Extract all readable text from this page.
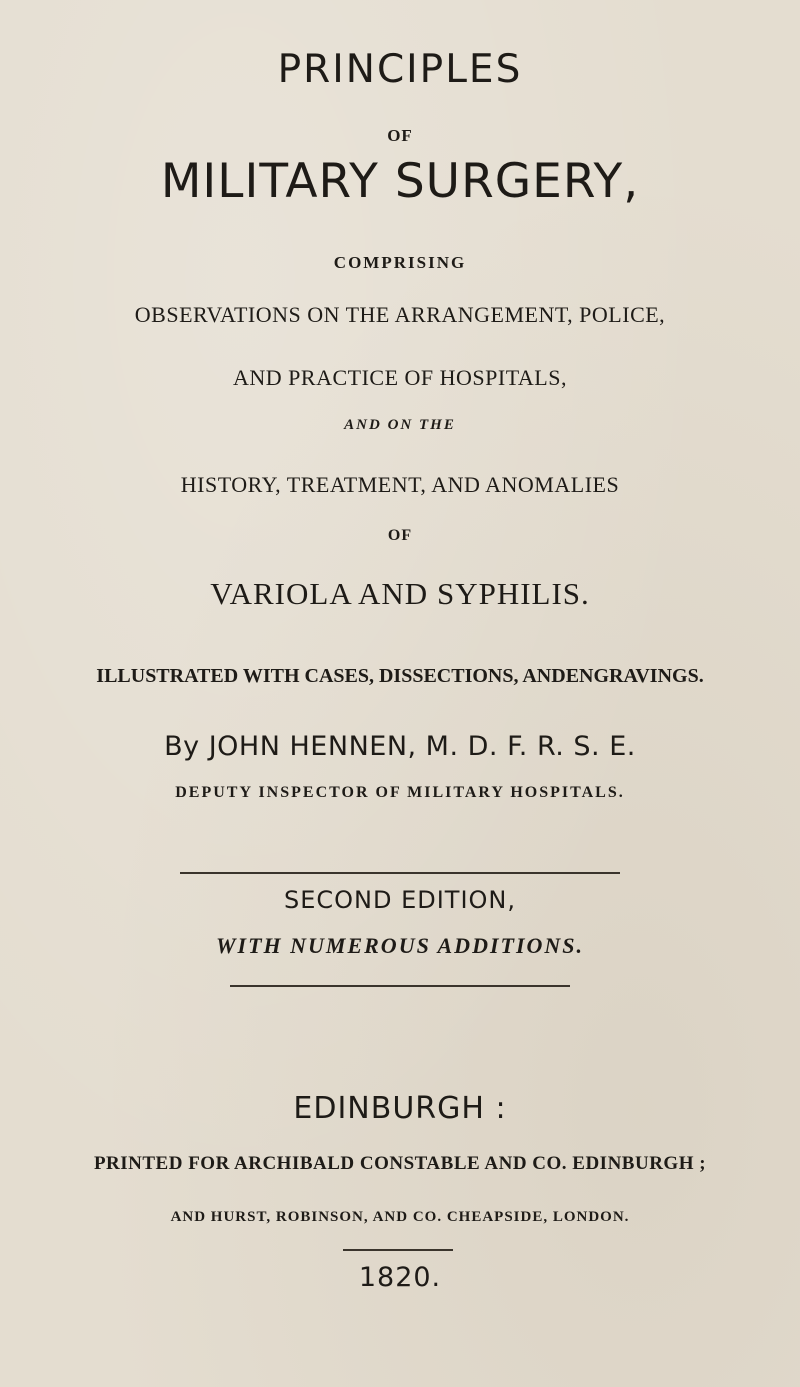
PRINCIPLES
OF
MILITARY SURGERY,
COMPRISING
OBSERVATIONS ON THE ARRANGEMENT, POLICE,
AND PRACTICE OF HOSPITALS,
AND ON THE
HISTORY, TREATMENT, AND ANOMALIES
OF
VARIOLA AND SYPHILIS.
ILLUSTRATED WITH CASES, DISSECTIONS, ANDENGRAVINGS.
By JOHN HENNEN, M. D. F. R. S. E.
DEPUTY INSPECTOR OF MILITARY HOSPITALS.
SECOND EDITION,
WITH NUMEROUS ADDITIONS.
EDINBURGH :
PRINTED FOR ARCHIBALD CONSTABLE AND CO. EDINBURGH ;
AND HURST, ROBINSON, AND CO. CHEAPSIDE, LONDON.
1820.
